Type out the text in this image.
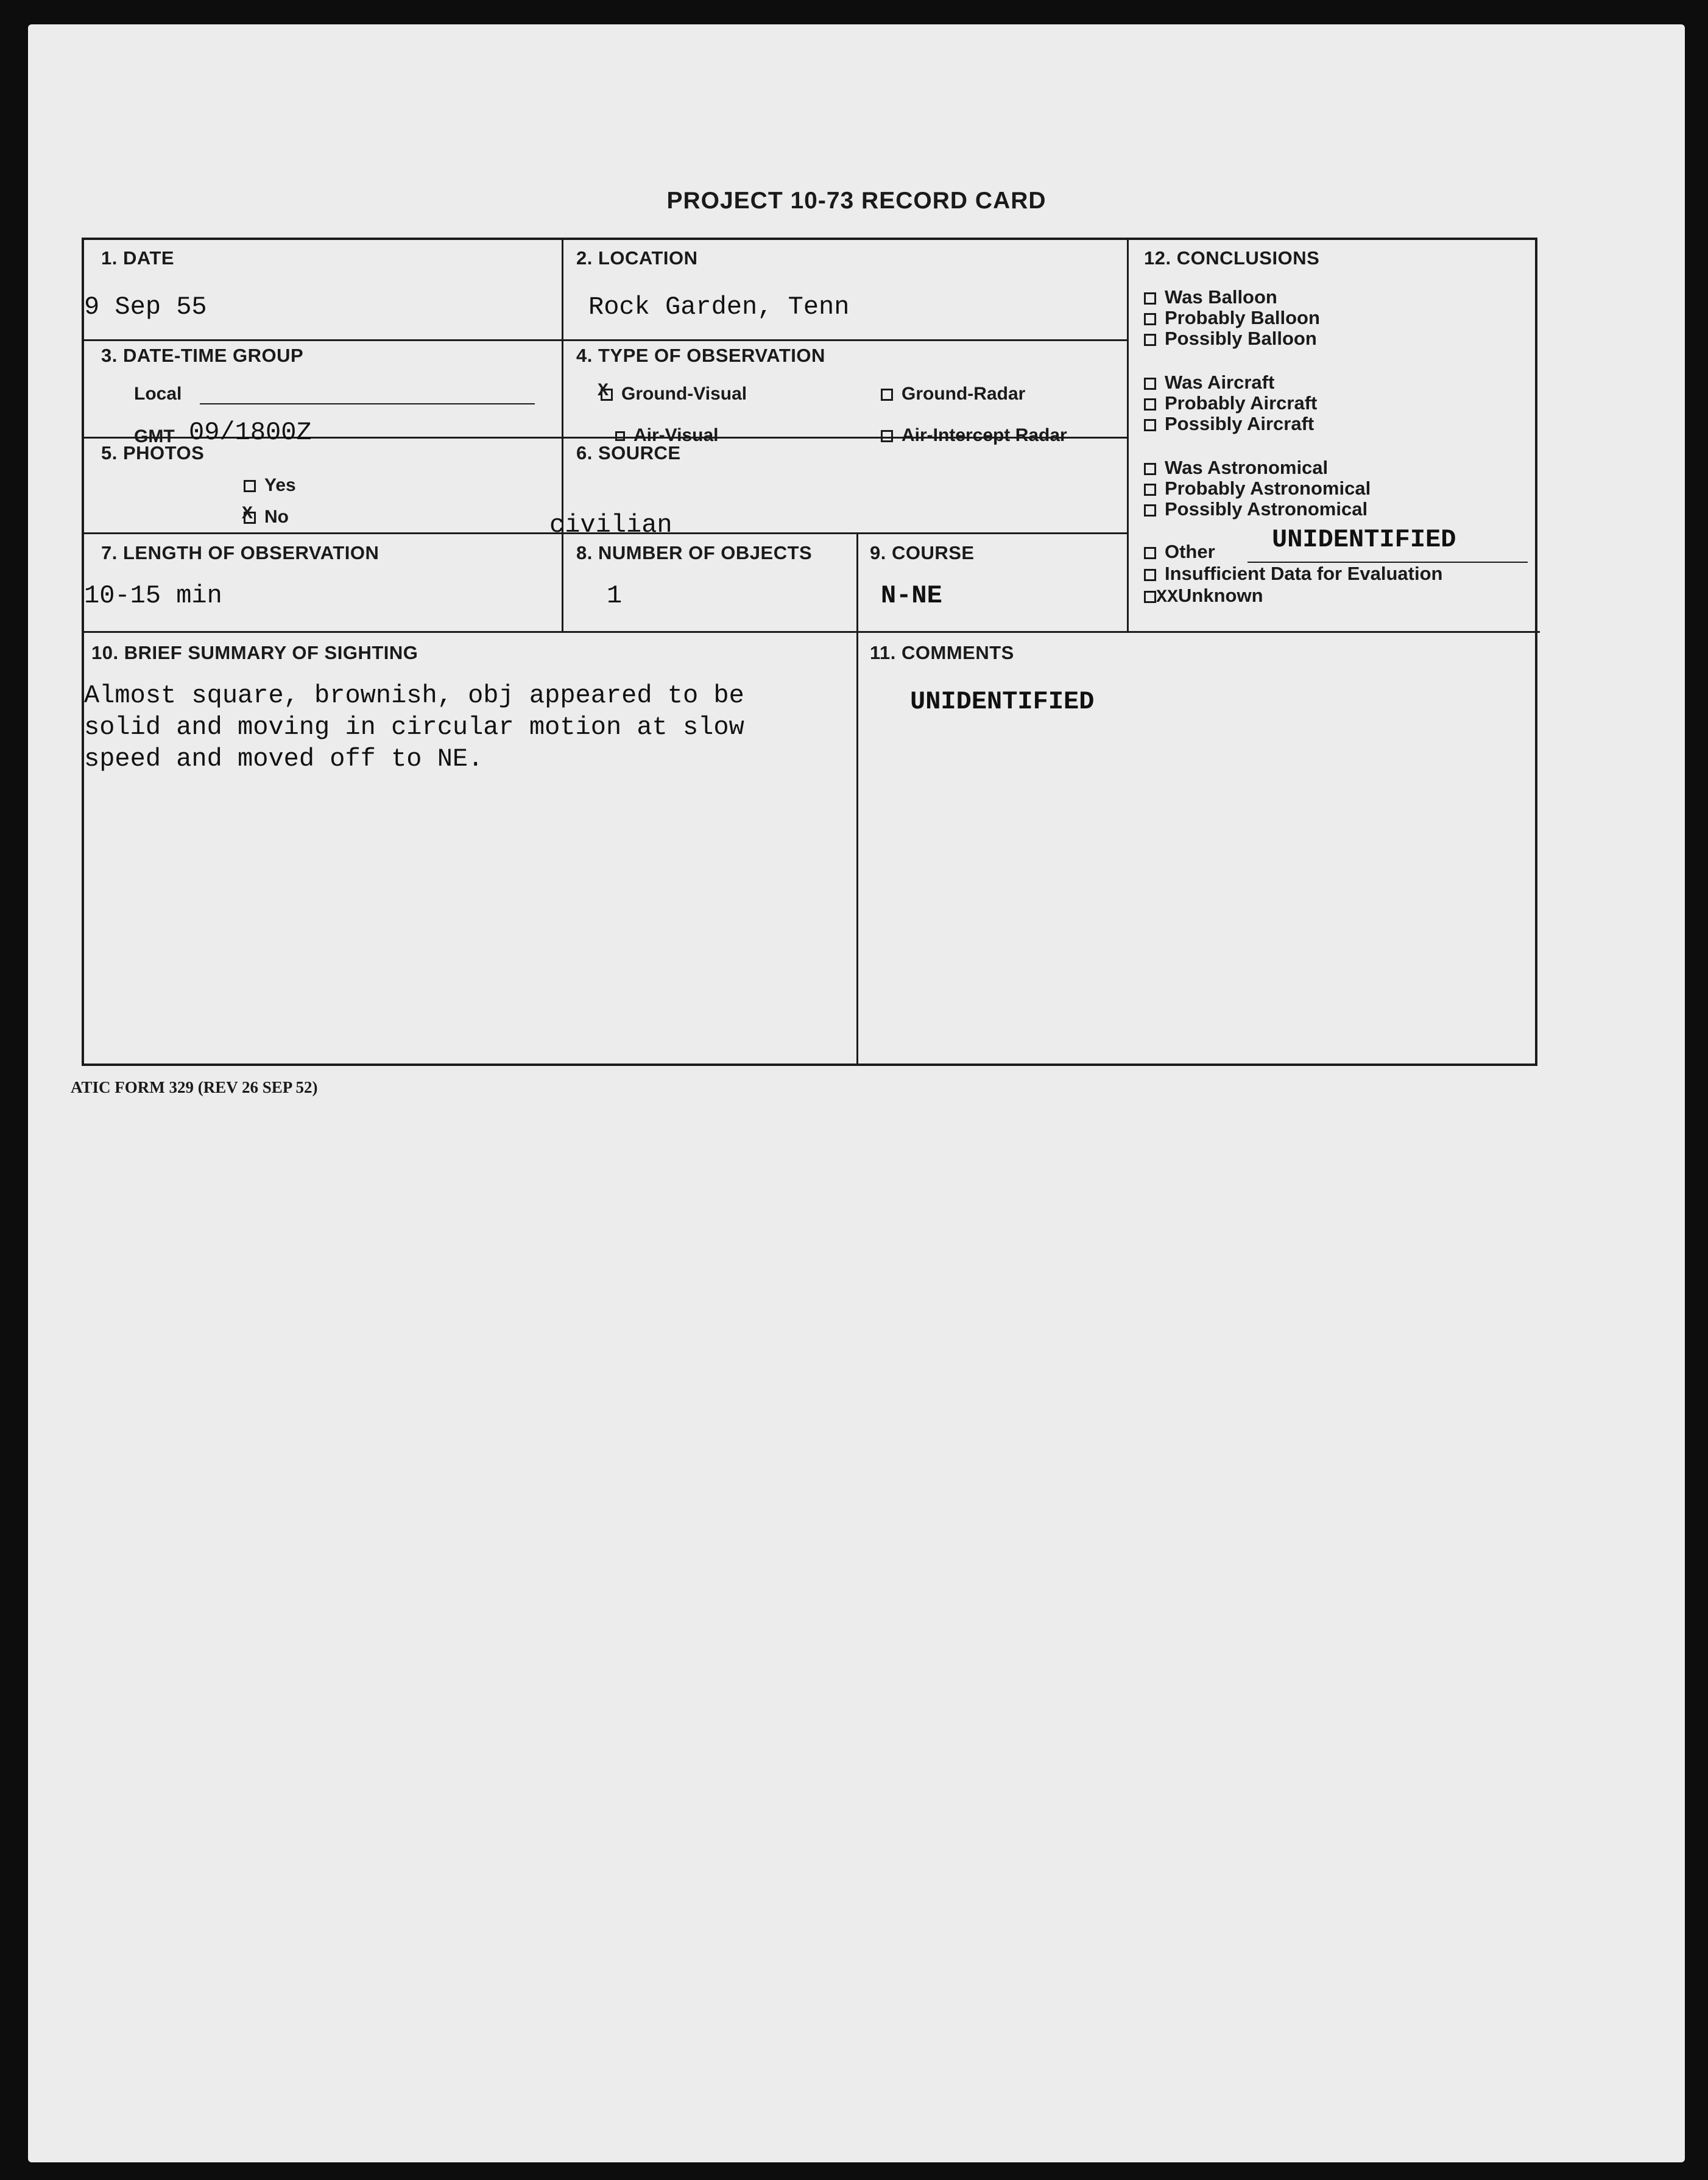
PROJECT 10-73 RECORD CARD
1. DATE
9 Sep 55
2. LOCATION
Rock Garden, Tenn
3. DATE-TIME GROUP
Local
GMT 09/1800Z
4. TYPE OF OBSERVATION
X Ground-Visual	Ground-Radar
Air-Visual	Air-Intercept Radar
5. PHOTOS
Yes
X No
6. SOURCE
civilian
7. LENGTH OF OBSERVATION
10-15 min
8. NUMBER OF OBJECTS
1
9. COURSE
N-NE
10. BRIEF SUMMARY OF SIGHTING
Almost square, brownish, obj appeared to be
solid and moving in circular motion at slow
speed and moved off to NE.
11. COMMENTS
UNIDENTIFIED
12. CONCLUSIONS
Was Balloon
Probably Balloon
Possibly Balloon
Was Aircraft
Probably Aircraft
Possibly Aircraft
Was Astronomical
Probably Astronomical
Possibly Astronomical
Other UNIDENTIFIED
Insufficient Data for Evaluation
XXUnknown
ATIC FORM 329 (REV 26 SEP 52)
